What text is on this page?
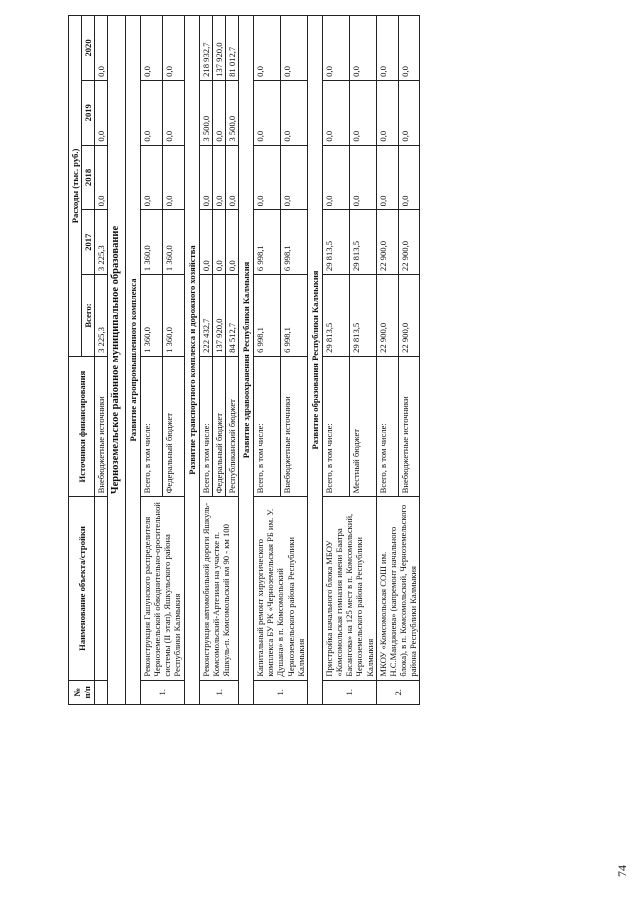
№ п/п	Наименование объекта/стройки	Источники финансирования	Расходы (тыс. руб.)				
			Всего:	2017	2018	2019	2020
		Внебюджетные источники	3 225,3	3 225,3	0,0	0,0	0,0
Черноземельское районное муниципальное образование							
Развитие агропромышленного комплекса							
1.	Реконструкция Гашунского распределителя Черноземельской обводнительно-оросительной системы (II этап), Яшкульского района Республики Калмыкия	Всего, в том числе:	1 360,0	1 360,0	0,0	0,0	0,0
		Федеральный бюджет	1 360,0	1 360,0	0,0	0,0	0,0
Развитие транспортного комплекса и дорожного хозяйства							
1.	Реконструкция автомобильной дороги Яшкуль-Комсомольский-Артезиан на участке п. Яшкуль-п. Комсомольский км 90 - км 100	Всего, в том числе:	222 432,7	0,0	0,0	3 500,0	218 932,7
		Федеральный бюджет	137 920,0	0,0	0,0	0,0	137 920,0
		Республиканский бюджет	84 512,7	0,0	0,0	3 500,0	81 012,7
Развитие здравоохранения Республики Калмыкия							
1.	Капитальный ремонт хирургического комплекса БУ РК «Черноземельская РБ им. У. Душана» в п. Комсомольский Черноземельского района Республики Калмыкия	Всего, в том числе:	6 998,1	6 998,1	0,0	0,0	0,0
		Внебюджетные источники	6 998,1	6 998,1	0,0	0,0	0,0
Развитие образования Республики Калмыкия							
1.	Пристройка начального блока МБОУ «Комсомольская гимназия имени Баатра Басангова» на 125 мест в п. Комсомольский, Черноземельского района Республики Калмыкия	Всего, в том числе:	29 813,5	29 813,5	0,0	0,0	0,0
		Местный бюджет	29 813,5	29 813,5	0,0	0,0	0,0
2.	МКОУ «Комсомольская СОШ им. Н.С.Манджиева» (капремонт начального блока), в п. Комсомольский, Черноземельского района Республики Калмыкия	Всего, в том числе:	22 900,0	22 900,0	0,0	0,0	0,0
		Внебюджетные источники	22 900,0	22 900,0	0,0	0,0	0,0
74
